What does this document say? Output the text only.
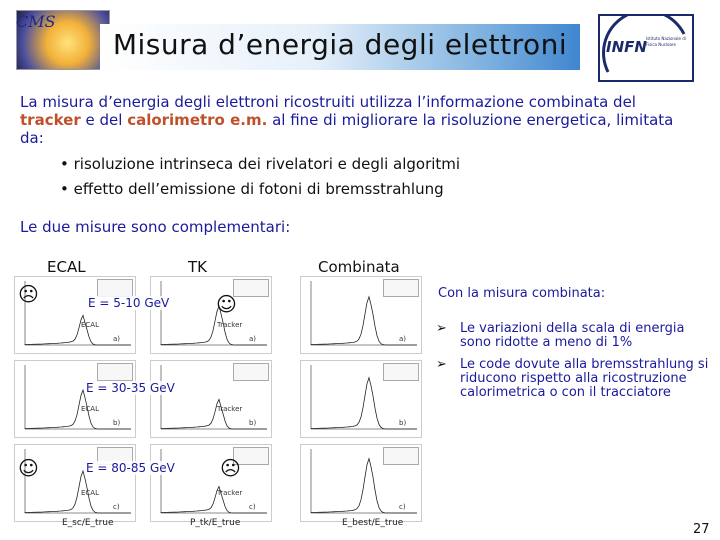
CMS
Misura d’energia degli elettroni	INFN Istituto Nazionale di Fisica Nucleare
La misura d’energia degli elettroni ricostruiti utilizza l’informazione combinata del tracker e del calorimetro e.m. al fine di migliorare la risoluzione energetica, limitata da:
• risoluzione intrinseca dei rivelatori e degli algoritmi
• effetto dell’emissione di fotoni di bremsstrahlung
Le due misure sono complementari:
ECAL	TK	Combinata
ECAL
a)
Tracker
a)	a)
ECAL
b)
Tracker
b)	b)
ECAL
c)
Tracker
c)	c)
E = 5-10 GeV
E = 30-35 GeV
E = 80-85 GeV
☹	☺
☺	☹
E_sc/E_true	P_tk/E_true	E_best/E_true
Con la misura combinata:
➢ Le variazioni della scala di energia sono ridotte a meno di 1%
➢ Le code dovute alla bremsstrahlung si riducono rispetto alla ricostruzione calorimetrica o con il tracciatore
27
